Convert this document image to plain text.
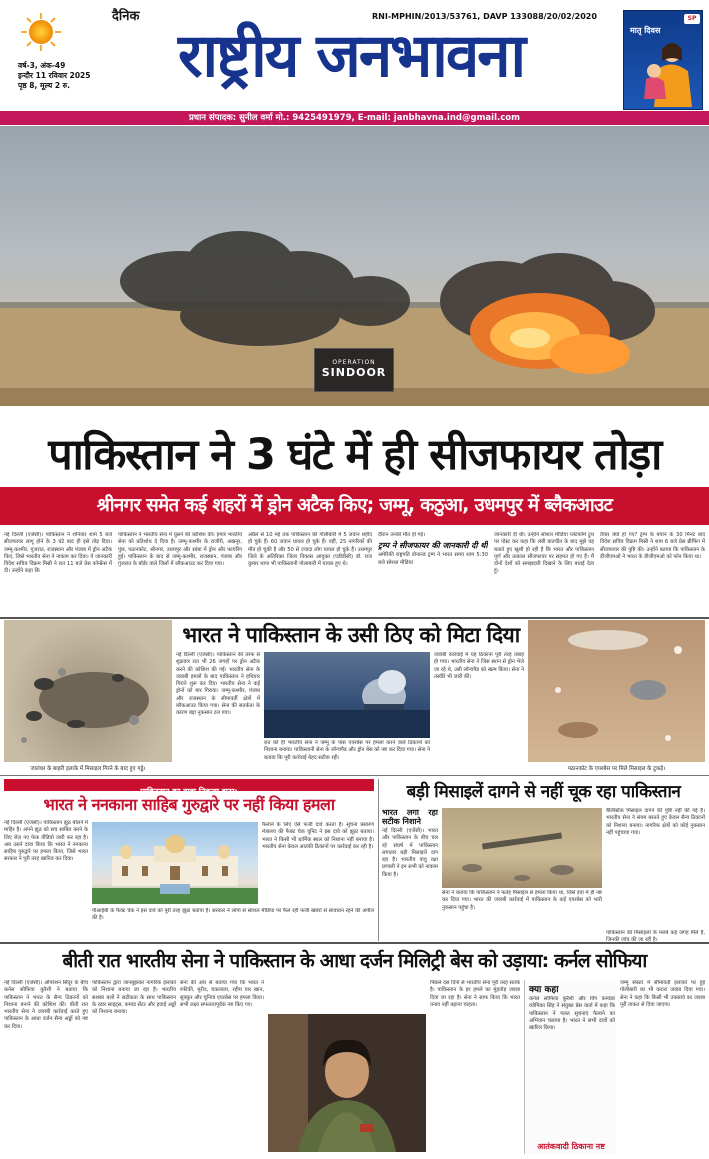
वर्ष-3, अंक-49
इन्दौर 11 रविवार 2025
पृष्ठ 8, मूल्य 2 रु.
दैनिक	RNI-MPHIN/2013/53761, DAVP 133088/20/02/2020
राष्ट्रीय जनभावना	मातृ दिवस
SP
प्रधान संपादक: सुनील वर्मा मो.: 9425491979, E-mail: janbhavna.ind@gmail.com
OPERATION
SINDOOR
पाकिस्तान ने 3 घंटे में ही सीजफायर तोड़ा
श्रीनगर समेत कई शहरों में ड्रोन अटैक किए; जम्मू, कठुआ, उधमपुर में ब्लैकआउट

नई दिल्ली (एजेंसी)। पाकिस्तान ने शनिवार शाम 5 बजे सीजफायर लागू होने के 3 घंटे बाद ही इसे तोड़ दिया। जम्मू-कश्मीर, गुजरात, राजस्थान और पंजाब में ड्रोन अटैक किए, जिसे भारतीय सेना ने नाकाम कर दिया। ये जानकारी विदेश सचिव विक्रम मिस्री ने रात 11 बजे प्रेस कॉन्फ्रेंस में दी। उन्होंने कहा कि

पाकिस्तान ने भारतीय सेना में घुसने की कोशिश की। हमारे भारतीय सेना को प्रतिशोध दे दिया है। जम्मू-कश्मीर के राजौरी, अखनूर, पुंछ, पठानकोट, श्रीनगर, उधमपुर और सांबा में ड्रोन और फायरिंग हुई। पाकिस्तान के बाद से जम्मू-कश्मीर, राजस्थान, पंजाब और गुजरात के बॉर्डर वाले जिलों में ब्लैकआउट कर दिया गया।

अप्रैल से 10 मई तक पाकिस्तान की गोलीबारी में 5 जवान शहीद हो चुके हैं। 60 जवान घायल हो चुके हैं। वहीं, 25 नागरिकों की मौत हो चुकी है और 50 से ज्यादा लोग घायल हो चुके हैं। उधमपुर जिले के अतिरिक्त जिला विकास आयुक्त (एडीडीसी) डॉ. राज कुमार थापा भी पाकिस्तानी गोलाबारी में घायल हुए थे।

दौरान उनकी मौत हो गई।

ट्रम्प ने सीजफायर की जानकारी दी थी

अमेरिकी राष्ट्रपति डोनाल्ड ट्रम्प ने भारत समय शाम 5:30 बजे सोशल मीडिया

जानकारी दी थी। उन्होंने सोशल मीडिया प्लेटफॉर्म ट्रुथ पर पोस्ट कर कहा कि लंबी बातचीत के बाद मुझे यह बताते हुए खुशी हो रही है कि भारत और पाकिस्तान पूर्ण और तत्काल सीजफायर पर सहमत हो गए हैं। मैं दोनों देशों को समझदारी दिखाने के लिए बधाई देता हूं।

तैयार क्यों हो गए? ट्रम्प के बयान के 30 मिनट बाद विदेश सचिव विक्रम मिस्री ने शाम 6 बजे प्रेस ब्रीफिंग में सीजफायर की पुष्टि की। उन्होंने बताया कि पाकिस्तान के डीजीएमओ ने भारत के डीजीएमओ को फोन किया था।

जालंधर के बाहरी इलाके में मिसाइल गिरने के बाद हुए गड्ढे।
भारत ने पाकिस्तान के उसी ठिए को मिटा दिया

नई दिल्ली (एजेंसी)। पाकिस्तान की तरफ से शुक्रवार रात भी 26 जगहों पर ड्रोन अटैक करने की कोशिश की गई। भारतीय सेना के जवाबी हमलों के बाद पाकिस्तान ने हथियार गिराने शुरू कर दिए। भारतीय सेना ने कई ड्रोनों को मार गिराया। जम्मू-कश्मीर, पंजाब और राजस्थान के सीमावर्ती क्षेत्रों में ब्लैकआउट किया गया। सेना की सतर्कता के कारण बड़ा नुकसान टल गया।

रात को ही भारतीय सेना ने जम्मू के पास एयरबेस पर हमला करने वाले ठिकानों को निशाना बनाया। पाकिस्तानी सेना के लॉन्चपैड और ड्रोन बेस को नष्ट कर दिया गया। सेना ने बताया कि पूरी कार्रवाई बेहद सटीक रही।

जवाबी कार्रवाई में यह ठिकाना पूरी तरह तबाह हो गया। भारतीय सेना ने जिस स्थान से ड्रोन भेजे जा रहे थे, उसी लॉन्चपैड को खत्म किया। सेना ने तस्वीरें भी जारी कीं।

पठानकोट के एयरबेस पर मिले मिसाइल के टुकड़े।
पाकिस्तान का दावा निकला झूठा:
भारत ने ननकाना साहिब गुरुद्वारे पर नहीं किया हमला

नई दिल्ली (एजेंसी)। पाकिस्तान झूठ बोलने में माहिर है। अपने झूठ को सच साबित करने के लिए रोज़ नए फेक वीडियो जारी कर रहा है। अब उसने दावा किया कि भारत ने ननकाना साहिब गुरुद्वारे पर हमला किया, जिसे भारत सरकार ने पूरी तरह खारिज कर दिया।

फैलाने के लिए ऐसे फर्जी दावे करता है। सूचना प्रसारण मंत्रालय की फैक्ट चेक यूनिट ने इस दावे को झूठा बताया। भारत ने किसी भी धार्मिक स्थल को निशाना नहीं बनाया है। भारतीय सेना केवल आतंकी ठिकानों पर कार्रवाई कर रही है।

पीआईबी के फैक्ट चेक ने इस दावे को पूरी तरह झूठा बताया है। सरकार ने लोगों से सोशल मीडिया पर फैल रही फर्जी खबरों से सावधान रहने की अपील की है।

बड़ी मिसाइलें दागने से नहीं चूक रहा पाकिस्तान

भारत लगा रहा सटीक निशाने

नई दिल्ली (एजेंसी)। भारत और पाकिस्तान के बीच चल रहे संघर्ष में पाकिस्तान लगातार बड़ी मिसाइलें दाग रहा है। भारतीय वायु रक्षा प्रणाली ने इन सभी को नाकाम किया है।

सेना ने बताया कि पाकिस्तान ने फतेह मिसाइल से हमला किया था, जिसे हवा में ही नष्ट कर दिया गया। भारत की जवाबी कार्रवाई में पाकिस्तान के कई एयरबेस को भारी नुकसान पहुंचा है।

बैलिस्टिक मिसाइल दागने की पुष्टि नहीं की गई है। भारतीय सेना ने संयम बरतते हुए केवल सैन्य ठिकानों को निशाना बनाया। नागरिक क्षेत्रों को कोई नुकसान नहीं पहुंचाया गया।

पाकिस्तान की मिसाइलों के मलबे कई जगह मिले हैं, जिनकी जांच की जा रही है।

बीती रात भारतीय सेना ने पाकिस्तान के आधा दर्जन मिलिट्री बेस को उड़ाया: कर्नल सोफिया

नई दिल्ली (एजेंसी)। ऑपरेशन सिंदूर के बीच कर्नल सोफिया कुरैशी ने बताया कि पाकिस्तान ने भारत के सैन्य ठिकानों को निशाना बनाने की कोशिश की। बीती रात भारतीय सेना ने जवाबी कार्रवाई करते हुए पाकिस्तान के आधा दर्जन सैन्य अड्डों को नष्ट कर दिया।

पाकिस्तान द्वारा जानबूझकर नागरिक इलाकों को निशाना बनाया जा रहा है। भारतीय सशस्त्र बलों ने सटीकता के साथ पाकिस्तान के रडार साइट्स, कमांड सेंटर और हवाई अड्डों को निशाना बनाया।

सेना की ओर से बताया गया कि भारत ने रफीकी, मुरीद, चकलाला, रहीम यार खान, सुक्कुर और चूनियां एयरबेस पर हमला किया। सभी लक्ष्य सफलतापूर्वक नष्ट किए गए।

पिछले दस दिनों से भारतीय सेना पूरी तरह सतर्क है। पाकिस्तान के हर हमले का मुंहतोड़ जवाब दिया जा रहा है। सेना ने साफ किया कि भारत तनाव नहीं बढ़ाना चाहता।

क्या कहा

कर्नल सोफिया कुरैशी और विंग कमांडर व्योमिका सिंह ने संयुक्त प्रेस वार्ता में कहा कि पाकिस्तान ने गलत सूचनाएं फैलाने का अभियान चलाया है। भारत ने सभी दावों को खारिज किया।

आतंकवादी ठिकाना नष्ट

जम्मू सेक्टर में सीमावर्ती इलाकों पर हुई गोलीबारी का भी करारा जवाब दिया गया। सेना ने कहा कि किसी भी उकसावे का जवाब पूरी ताकत से दिया जाएगा।
